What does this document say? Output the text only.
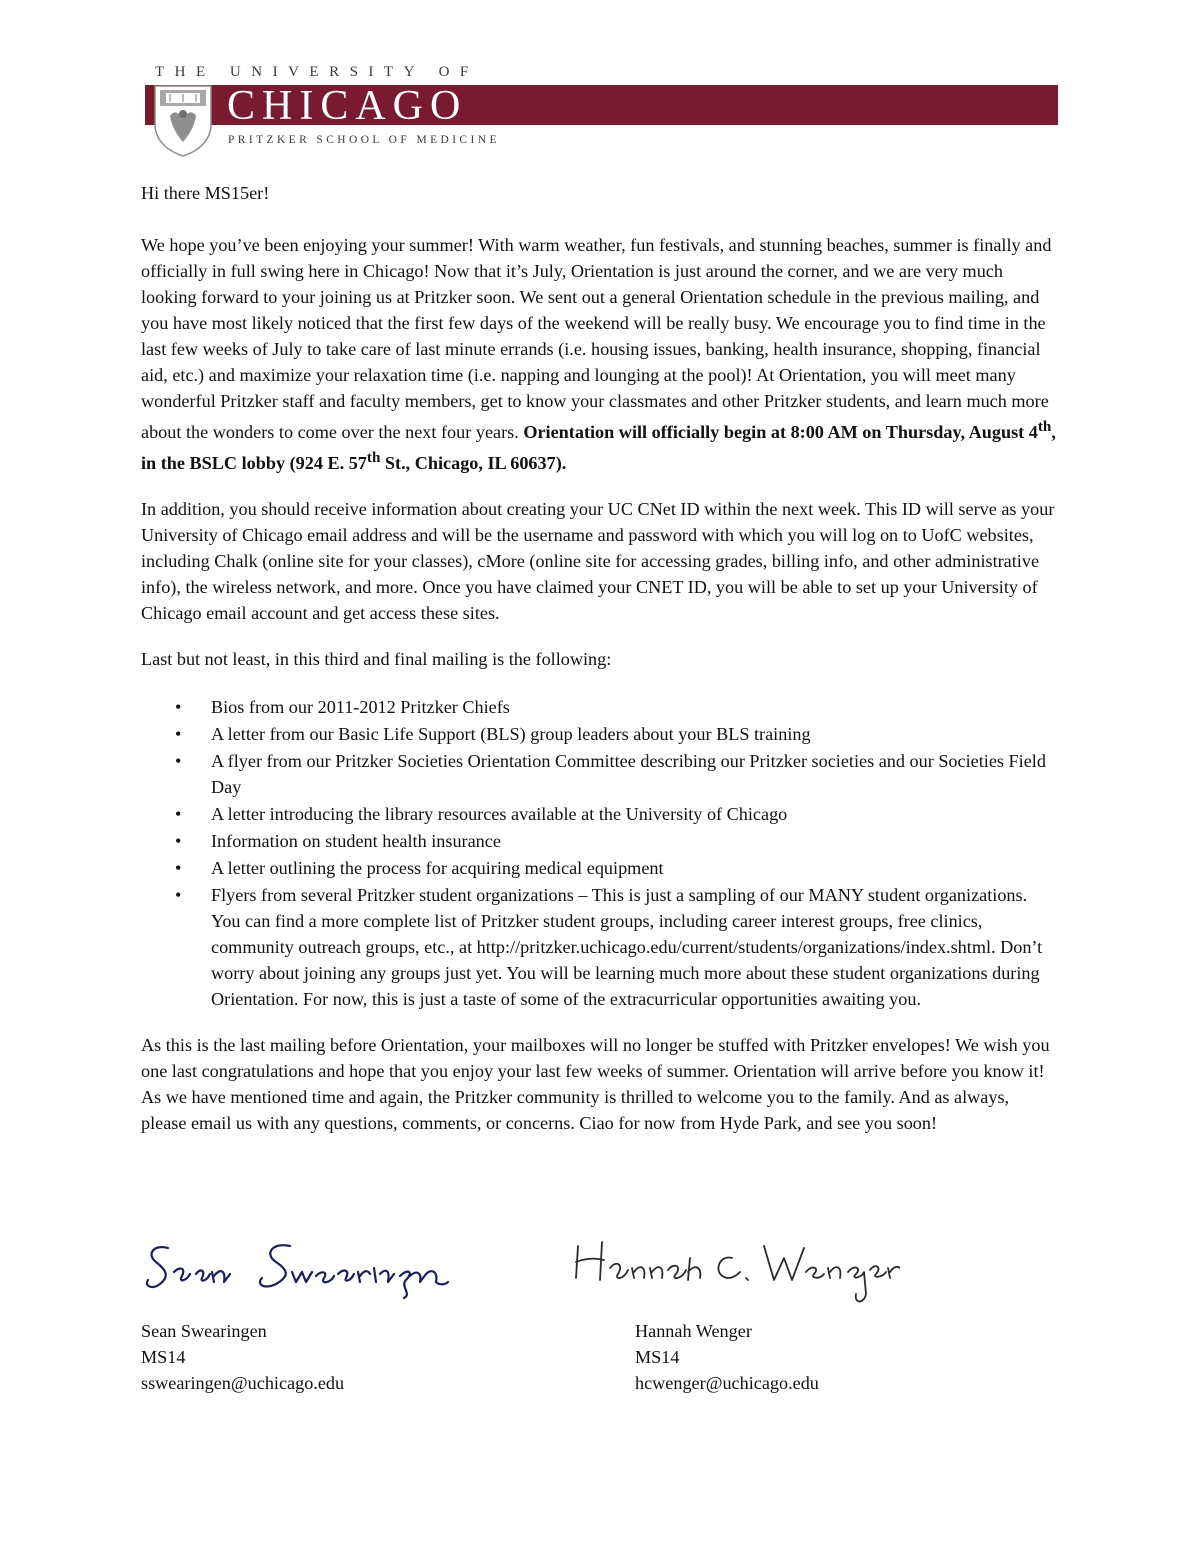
THE UNIVERSITY OF
CHICAGO
PRITZKER SCHOOL OF MEDICINE

Hi there MS15er!

We hope you’ve been enjoying your summer! With warm weather, fun festivals, and stunning beaches, summer is finally and officially in full swing here in Chicago! Now that it’s July, Orientation is just around the corner, and we are very much looking forward to your joining us at Pritzker soon. We sent out a general Orientation schedule in the previous mailing, and you have most likely noticed that the first few days of the weekend will be really busy. We encourage you to find time in the last few weeks of July to take care of last minute errands (i.e. housing issues, banking, health insurance, shopping, financial aid, etc.) and maximize your relaxation time (i.e. napping and lounging at the pool)! At Orientation, you will meet many wonderful Pritzker staff and faculty members, get to know your classmates and other Pritzker students, and learn much more about the wonders to come over the next four years. Orientation will officially begin at 8:00 AM on Thursday, August 4th, in the BSLC lobby (924 E. 57th St., Chicago, IL 60637).

In addition, you should receive information about creating your UC CNet ID within the next week. This ID will serve as your University of Chicago email address and will be the username and password with which you will log on to UofC websites, including Chalk (online site for your classes), cMore (online site for accessing grades, billing info, and other administrative info), the wireless network, and more. Once you have claimed your CNET ID, you will be able to set up your University of Chicago email account and get access these sites.

Last but not least, in this third and final mailing is the following:

• Bios from our 2011-2012 Pritzker Chiefs
• A letter from our Basic Life Support (BLS) group leaders about your BLS training
• A flyer from our Pritzker Societies Orientation Committee describing our Pritzker societies and our Societies Field Day
• A letter introducing the library resources available at the University of Chicago
• Information on student health insurance
• A letter outlining the process for acquiring medical equipment
• Flyers from several Pritzker student organizations – This is just a sampling of our MANY student organizations. You can find a more complete list of Pritzker student groups, including career interest groups, free clinics, community outreach groups, etc., at http://pritzker.uchicago.edu/current/students/organizations/index.shtml. Don’t worry about joining any groups just yet. You will be learning much more about these student organizations during Orientation. For now, this is just a taste of some of the extracurricular opportunities awaiting you.

As this is the last mailing before Orientation, your mailboxes will no longer be stuffed with Pritzker envelopes! We wish you one last congratulations and hope that you enjoy your last few weeks of summer. Orientation will arrive before you know it! As we have mentioned time and again, the Pritzker community is thrilled to welcome you to the family. And as always, please email us with any questions, comments, or concerns. Ciao for now from Hyde Park, and see you soon!

Sean Swearingen
MS14
sswearingen@uchicago.edu
Hannah Wenger
MS14
hcwenger@uchicago.edu
